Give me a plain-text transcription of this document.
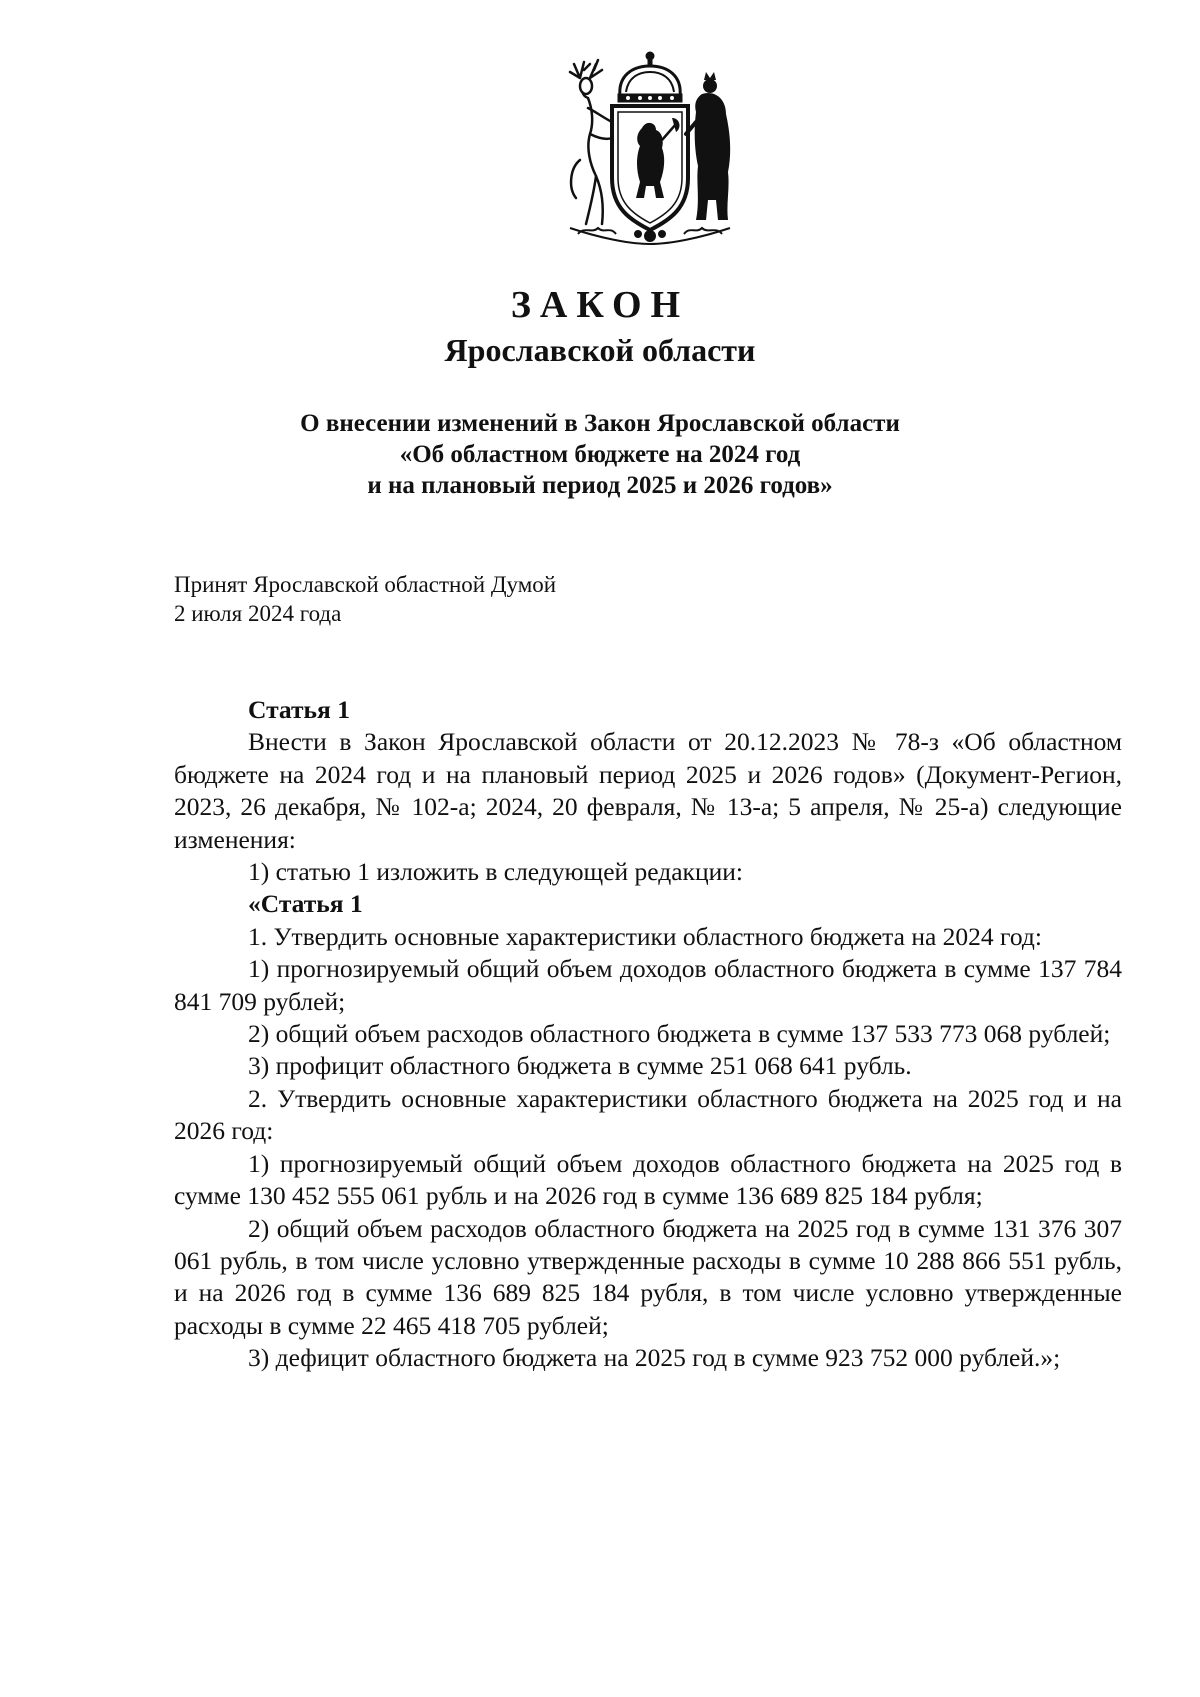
ЗАКОН
Ярославской области
О внесении изменений в Закон Ярославской области
«Об областном бюджете на 2024 год
и на плановый период 2025 и 2026 годов»
Принят Ярославской областной Думой
2 июля 2024 года

Статья 1

Внести в Закон Ярославской области от 20.12.2023 № 78-з «Об областном бюджете на 2024 год и на плановый период 2025 и 2026 годов» (Документ-Регион, 2023, 26 декабря, № 102-а; 2024, 20 февраля, № 13-а; 5 апреля, № 25-а) следующие изменения:

1) статью 1 изложить в следующей редакции:

«Статья 1

1. Утвердить основные характеристики областного бюджета на 2024 год:

1) прогнозируемый общий объем доходов областного бюджета в сумме 137 784 841 709 рублей;

2) общий объем расходов областного бюджета в сумме 137 533 773 068 рублей;

3) профицит областного бюджета в сумме 251 068 641 рубль.

2. Утвердить основные характеристики областного бюджета на 2025 год и на 2026 год:

1) прогнозируемый общий объем доходов областного бюджета на 2025 год в сумме 130 452 555 061 рубль и на 2026 год в сумме 136 689 825 184 рубля;

2) общий объем расходов областного бюджета на 2025 год в сумме 131 376 307 061 рубль, в том числе условно утвержденные расходы в сумме 10 288 866 551 рубль, и на 2026 год в сумме 136 689 825 184 рубля, в том числе условно утвержденные расходы в сумме 22 465 418 705 рублей;

3) дефицит областного бюджета на 2025 год в сумме 923 752 000 рублей.»;
